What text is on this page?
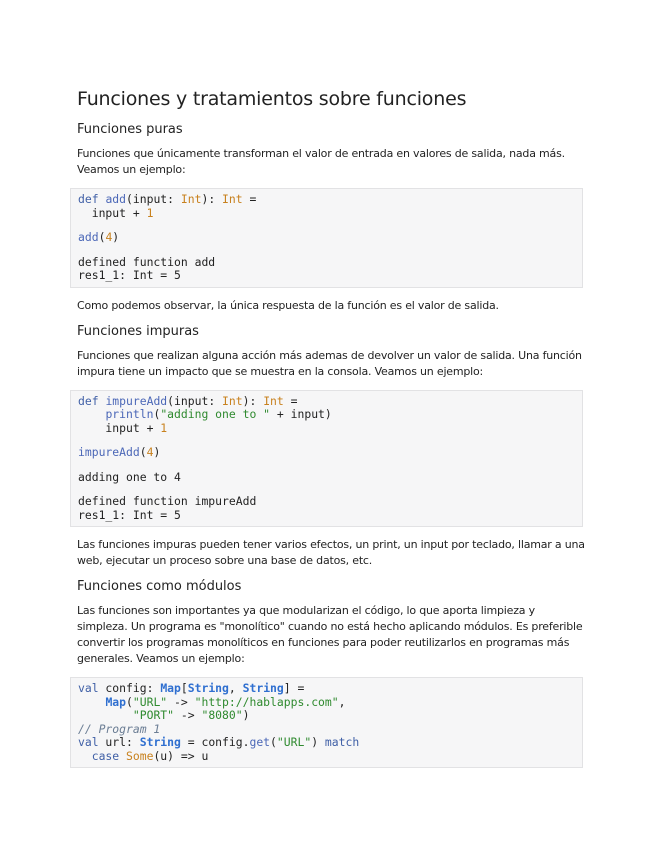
Funciones y tratamientos sobre funciones
Funciones puras

Funciones que únicamente transforman el valor de entrada en valores de salida, nada más. Veamos un ejemplo:

def add(input: Int): Int =
input + 1
add(4)
defined function add
res1_1: Int = 5

Como podemos observar, la única respuesta de la función es el valor de salida.

Funciones impuras

Funciones que realizan alguna acción más ademas de devolver un valor de salida. Una función impura tiene un impacto que se muestra en la consola. Veamos un ejemplo:

def impureAdd(input: Int): Int =
println("adding one to " + input)
input + 1
impureAdd(4)
adding one to 4
defined function impureAdd
res1_1: Int = 5

Las funciones impuras pueden tener varios efectos, un print, un input por teclado, llamar a una web, ejecutar un proceso sobre una base de datos, etc.

Funciones como módulos

Las funciones son importantes ya que modularizan el código, lo que aporta limpieza y simpleza. Un programa es "monolítico" cuando no está hecho aplicando módulos. Es preferible convertir los programas monolíticos en funciones para poder reutilizarlos en programas más generales. Veamos un ejemplo:

val config: Map[String, String] =
Map("URL" -> "http://hablapps.com",
"PORT" -> "8080")
// Program 1
val url: String = config.get("URL") match
case Some(u) => u
